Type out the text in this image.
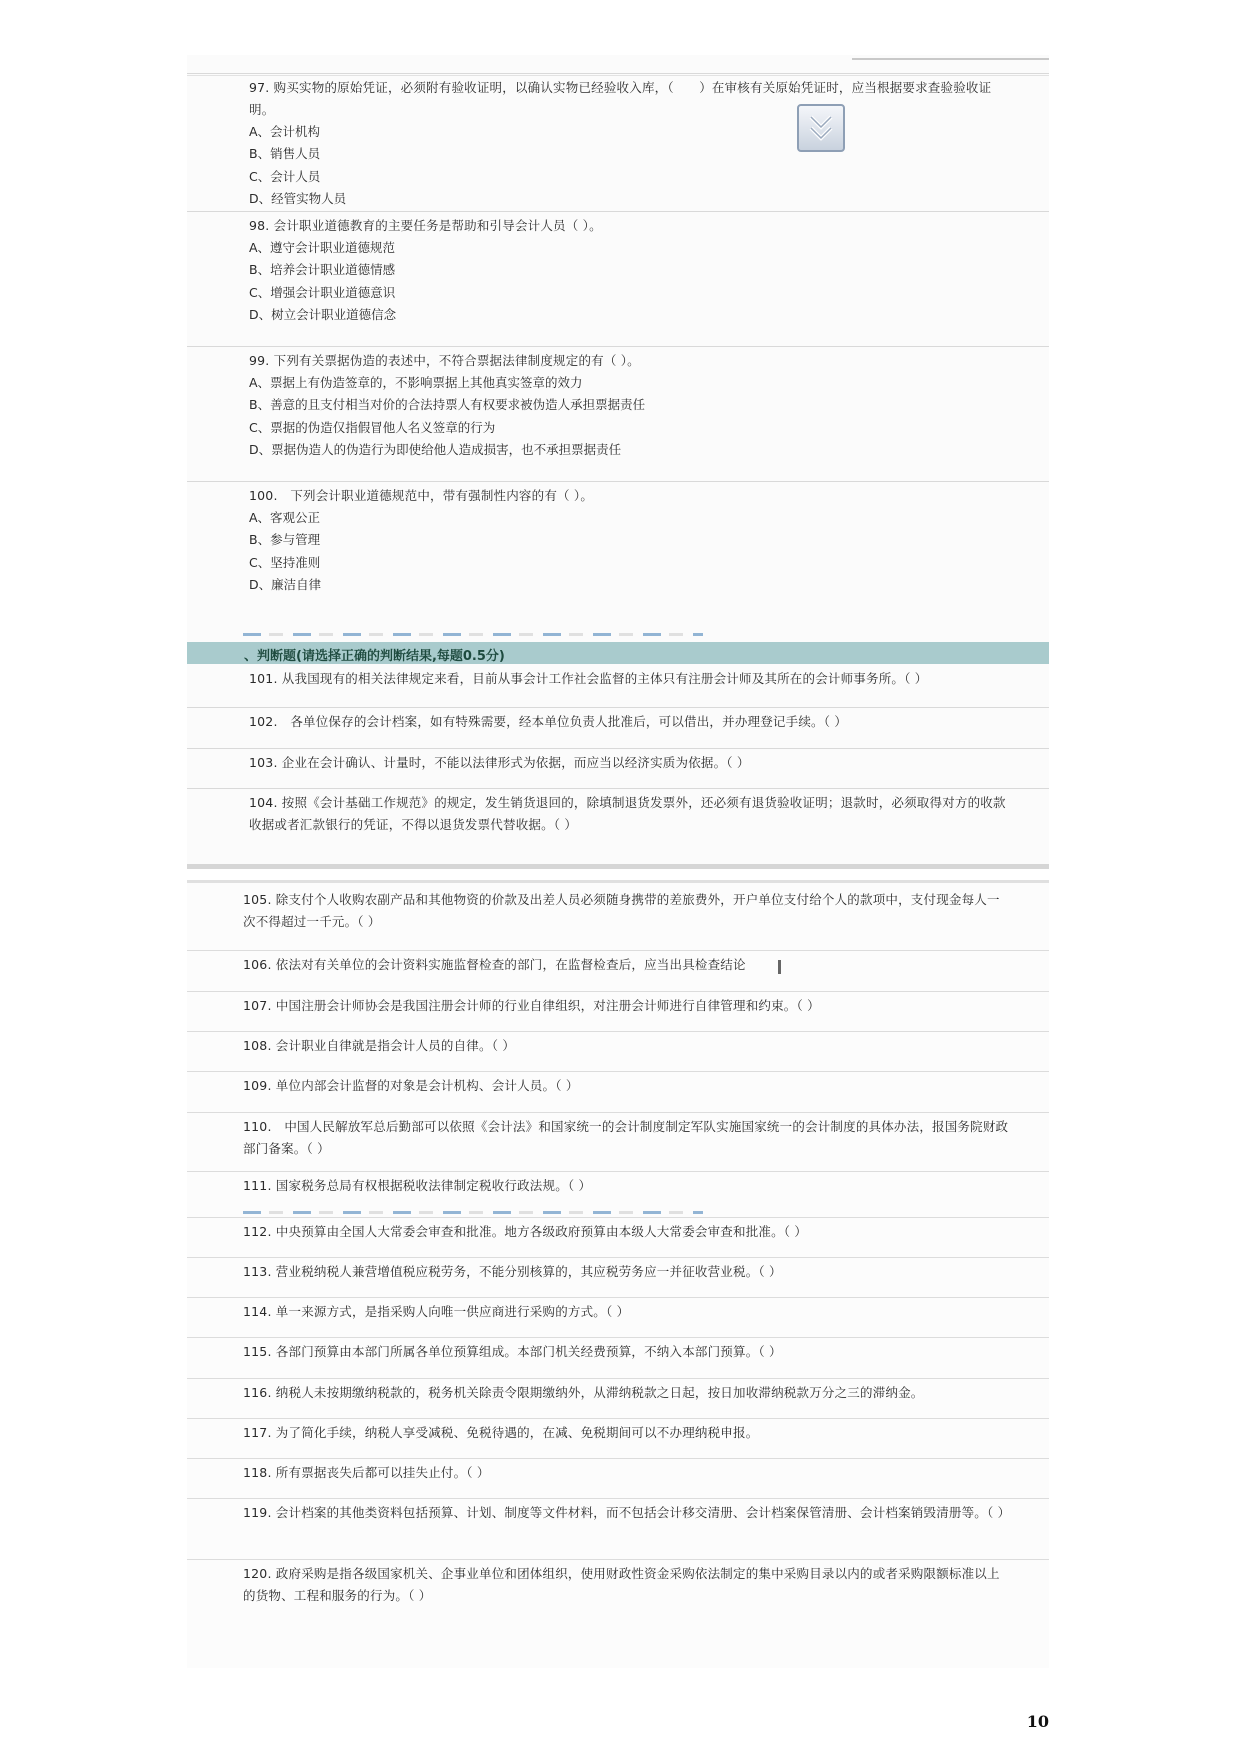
97. 购买实物的原始凭证，必须附有验收证明，以确认实物已经验收入库，（　　）在审核有关原始凭证时，应当根据要求查验验收证明。
A、会计机构
B、销售人员
C、会计人员
D、经管实物人员
98. 会计职业道德教育的主要任务是帮助和引导会计人员（ ）。
A、遵守会计职业道德规范
B、培养会计职业道德情感
C、增强会计职业道德意识
D、树立会计职业道德信念
99. 下列有关票据伪造的表述中，不符合票据法律制度规定的有（ ）。
A、票据上有伪造签章的，不影响票据上其他真实签章的效力
B、善意的且支付相当对价的合法持票人有权要求被伪造人承担票据责任
C、票据的伪造仅指假冒他人名义签章的行为
D、票据伪造人的伪造行为即使给他人造成损害，也不承担票据责任
100.　下列会计职业道德规范中，带有强制性内容的有（ ）。
A、客观公正
B、参与管理
C、坚持准则
D、廉洁自律
、判断题(请选择正确的判断结果,每题0.5分)
101. 从我国现有的相关法律规定来看，目前从事会计工作社会监督的主体只有注册会计师及其所在的会计师事务所。（ ）
102.　各单位保存的会计档案，如有特殊需要，经本单位负责人批准后，可以借出，并办理登记手续。（ ）
103. 企业在会计确认、计量时，不能以法律形式为依据，而应当以经济实质为依据。（ ）
104. 按照《会计基础工作规范》的规定，发生销货退回的，除填制退货发票外，还必须有退货验收证明；退款时，必须取得对方的收款收据或者汇款银行的凭证，不得以退货发票代替收据。（ ）
105. 除支付个人收购农副产品和其他物资的价款及出差人员必须随身携带的差旅费外，开户单位支付给个人的款项中，支付现金每人一次不得超过一千元。（ ）
106. 依法对有关单位的会计资料实施监督检查的部门，在监督检查后，应当出具检查结论
107. 中国注册会计师协会是我国注册会计师的行业自律组织，对注册会计师进行自律管理和约束。（ ）
108. 会计职业自律就是指会计人员的自律。（ ）
109. 单位内部会计监督的对象是会计机构、会计人员。（ ）
110.　中国人民解放军总后勤部可以依照《会计法》和国家统一的会计制度制定军队实施国家统一的会计制度的具体办法，报国务院财政部门备案。（ ）
111. 国家税务总局有权根据税收法律制定税收行政法规。（ ）
112. 中央预算由全国人大常委会审查和批准。地方各级政府预算由本级人大常委会审查和批准。（ ）
113. 营业税纳税人兼营增值税应税劳务，不能分别核算的，其应税劳务应一并征收营业税。（ ）
114. 单一来源方式，是指采购人向唯一供应商进行采购的方式。（ ）
115. 各部门预算由本部门所属各单位预算组成。本部门机关经费预算，不纳入本部门预算。（ ）
116. 纳税人未按期缴纳税款的，税务机关除责令限期缴纳外，从滞纳税款之日起，按日加收滞纳税款万分之三的滞纳金。
117. 为了简化手续，纳税人享受减税、免税待遇的，在减、免税期间可以不办理纳税申报。
118. 所有票据丧失后都可以挂失止付。（ ）
119. 会计档案的其他类资料包括预算、计划、制度等文件材料，而不包括会计移交清册、会计档案保管清册、会计档案销毁清册等。（ ）
120. 政府采购是指各级国家机关、企事业单位和团体组织，使用财政性资金采购依法制定的集中采购目录以内的或者采购限额标准以上的货物、工程和服务的行为。（ ）
10
